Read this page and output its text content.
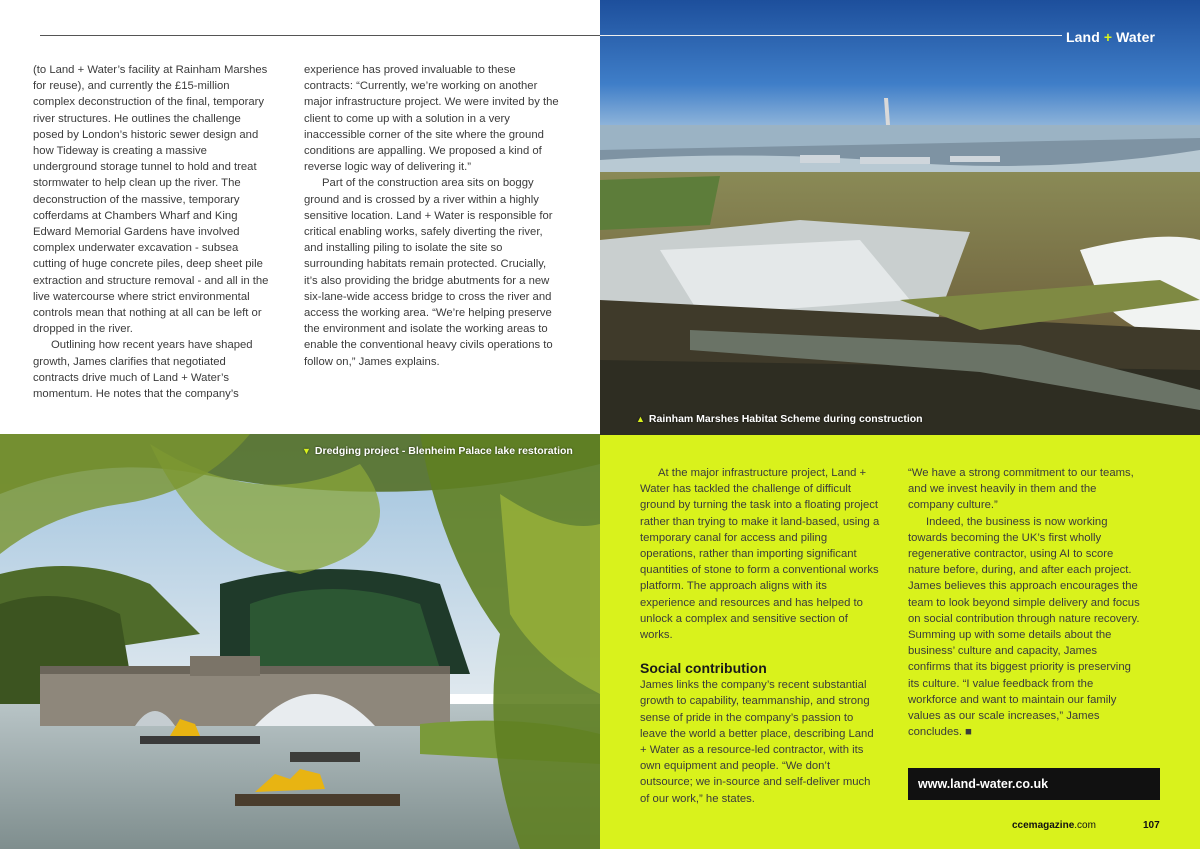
Land + Water

(to Land + Water’s facility at Rainham Marshes for reuse), and currently the £15-million complex deconstruction of the final, temporary river structures. He outlines the challenge posed by London’s historic sewer design and how Tideway is creating a massive underground storage tunnel to hold and treat stormwater to help clean up the river. The deconstruction of the massive, temporary cofferdams at Chambers Wharf and King Edward Memorial Gardens have involved complex underwater excavation - subsea cutting of huge concrete piles, deep sheet pile extraction and structure removal - and all in the live watercourse where strict environmental controls mean that nothing at all can be left or dropped in the river.

Outlining how recent years have shaped growth, James clarifies that negotiated contracts drive much of Land + Water’s momentum. He notes that the company’s

experience has proved invaluable to these contracts: “Currently, we’re working on another major infrastructure project. We were invited by the client to come up with a solution in a very inaccessible corner of the site where the ground conditions are appalling. We proposed a kind of reverse logic way of delivering it.”

Part of the construction area sits on boggy ground and is crossed by a river within a highly sensitive location. Land + Water is responsible for critical enabling works, safely diverting the river, and installing piling to isolate the site so surrounding habitats remain protected. Crucially, it’s also providing the bridge abutments for a new six-lane-wide access bridge to cross the river and access the working area. “We’re helping preserve the environment and isolate the working areas to enable the conventional heavy civils operations to follow on,” James explains.

▲ Rainham Marshes Habitat Scheme during construction
▼ Dredging project - Blenheim Palace lake restoration

At the major infrastructure project, Land + Water has tackled the challenge of difficult ground by turning the task into a floating project rather than trying to make it land-based, using a temporary canal for access and piling operations, rather than importing significant quantities of stone to form a conventional works platform. The approach aligns with its experience and resources and has helped to unlock a complex and sensitive section of works.

Social contribution

James links the company’s recent substantial growth to capability, teammanship, and strong sense of pride in the company’s passion to leave the world a better place, describing Land + Water as a resource-led contractor, with its own equipment and people. “We don’t outsource; we in-source and self-deliver much of our work,” he states.

“We have a strong commitment to our teams, and we invest heavily in them and the company culture.”

Indeed, the business is now working towards becoming the UK’s first wholly regenerative contractor, using AI to score nature before, during, and after each project. James believes this approach encourages the team to look beyond simple delivery and focus on social contribution through nature recovery. Summing up with some details about the business’ culture and capacity, James confirms that its biggest priority is preserving its culture. “I value feedback from the workforce and want to maintain our family values as our scale increases,” James concludes. ■

www.land-water.co.uk
ccemagazine.com	107
